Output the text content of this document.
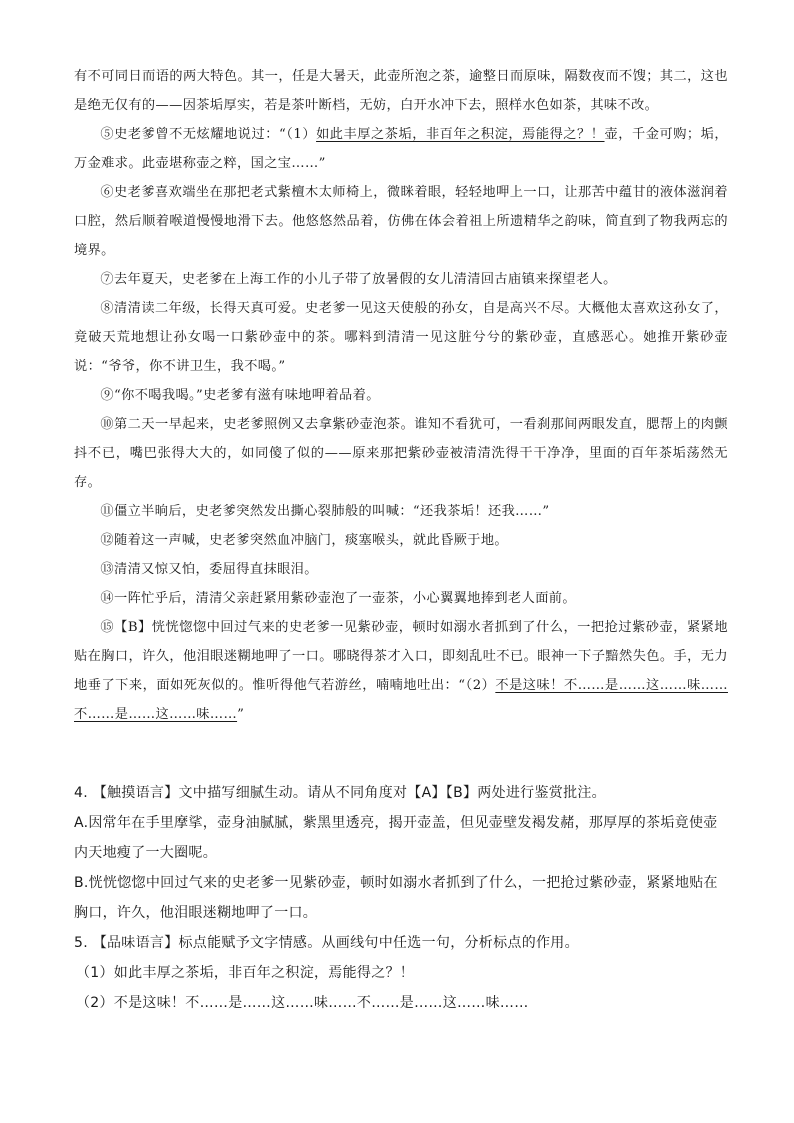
有不可同日而语的两大特色。其一，任是大暑天，此壶所泡之茶，逾整日而原味，隔数夜而不馊；其二，这也是绝无仅有的——因茶垢厚实，若是茶叶断档，无妨，白开水冲下去，照样水色如茶，其味不改。

⑤史老爹曾不无炫耀地说过：“（1）如此丰厚之茶垢，非百年之积淀，焉能得之？！壶，千金可购；垢，万金难求。此壶堪称壶之粹，国之宝……”

⑥史老爹喜欢端坐在那把老式紫檀木太师椅上，微眯着眼，轻轻地呷上一口，让那苦中蕴甘的液体滋润着口腔，然后顺着喉道慢慢地滑下去。他悠悠然品着，仿佛在体会着祖上所遗精华之韵味，简直到了物我两忘的境界。

⑦去年夏天，史老爹在上海工作的小儿子带了放暑假的女儿清清回古庙镇来探望老人。

⑧清清读二年级，长得天真可爱。史老爹一见这天使般的孙女，自是高兴不尽。大概他太喜欢这孙女了，竟破天荒地想让孙女喝一口紫砂壶中的茶。哪料到清清一见这脏兮兮的紫砂壶，直感恶心。她推开紫砂壶说：“爷爷，你不讲卫生，我不喝。”

⑨“你不喝我喝。”史老爹有滋有味地呷着品着。

⑩第二天一早起来，史老爹照例又去拿紫砂壶泡茶。谁知不看犹可，一看刹那间两眼发直，腮帮上的肉颤抖不已，嘴巴张得大大的，如同傻了似的——原来那把紫砂壶被清清洗得干干净净，里面的百年茶垢荡然无存。

⑪僵立半晌后，史老爹突然发出撕心裂肺般的叫喊：“还我茶垢！还我……”

⑫随着这一声喊，史老爹突然血冲脑门，痰塞喉头，就此昏厥于地。

⑬清清又惊又怕，委屈得直抹眼泪。

⑭一阵忙乎后，清清父亲赶紧用紫砂壶泡了一壶茶，小心翼翼地捧到老人面前。

⑮【B】恍恍惚惚中回过气来的史老爹一见紫砂壶，顿时如溺水者抓到了什么，一把抢过紫砂壶，紧紧地贴在胸口，许久，他泪眼迷糊地呷了一口。哪晓得茶才入口，即刻乱吐不已。眼神一下子黯然失色。手，无力地垂了下来，面如死灰似的。惟听得他气若游丝，喃喃地吐出：“（2）不是这味！不……是……这……味……不……是……这……味……”

4. 【触摸语言】文中描写细腻生动。请从不同角度对【A】【B】两处进行鉴赏批注。

A.因常年在手里摩挲，壶身油腻腻，紫黑里透亮，揭开壶盖，但见壶壁发褐发赭，那厚厚的茶垢竟使壶内天地瘦了一大圈呢。

B.恍恍惚惚中回过气来的史老爹一见紫砂壶，顿时如溺水者抓到了什么，一把抢过紫砂壶，紧紧地贴在胸口，许久，他泪眼迷糊地呷了一口。

5. 【品味语言】标点能赋予文字情感。从画线句中任选一句，分析标点的作用。

（1）如此丰厚之茶垢，非百年之积淀，焉能得之？！

（2）不是这味！不……是……这……味……不……是……这……味……
